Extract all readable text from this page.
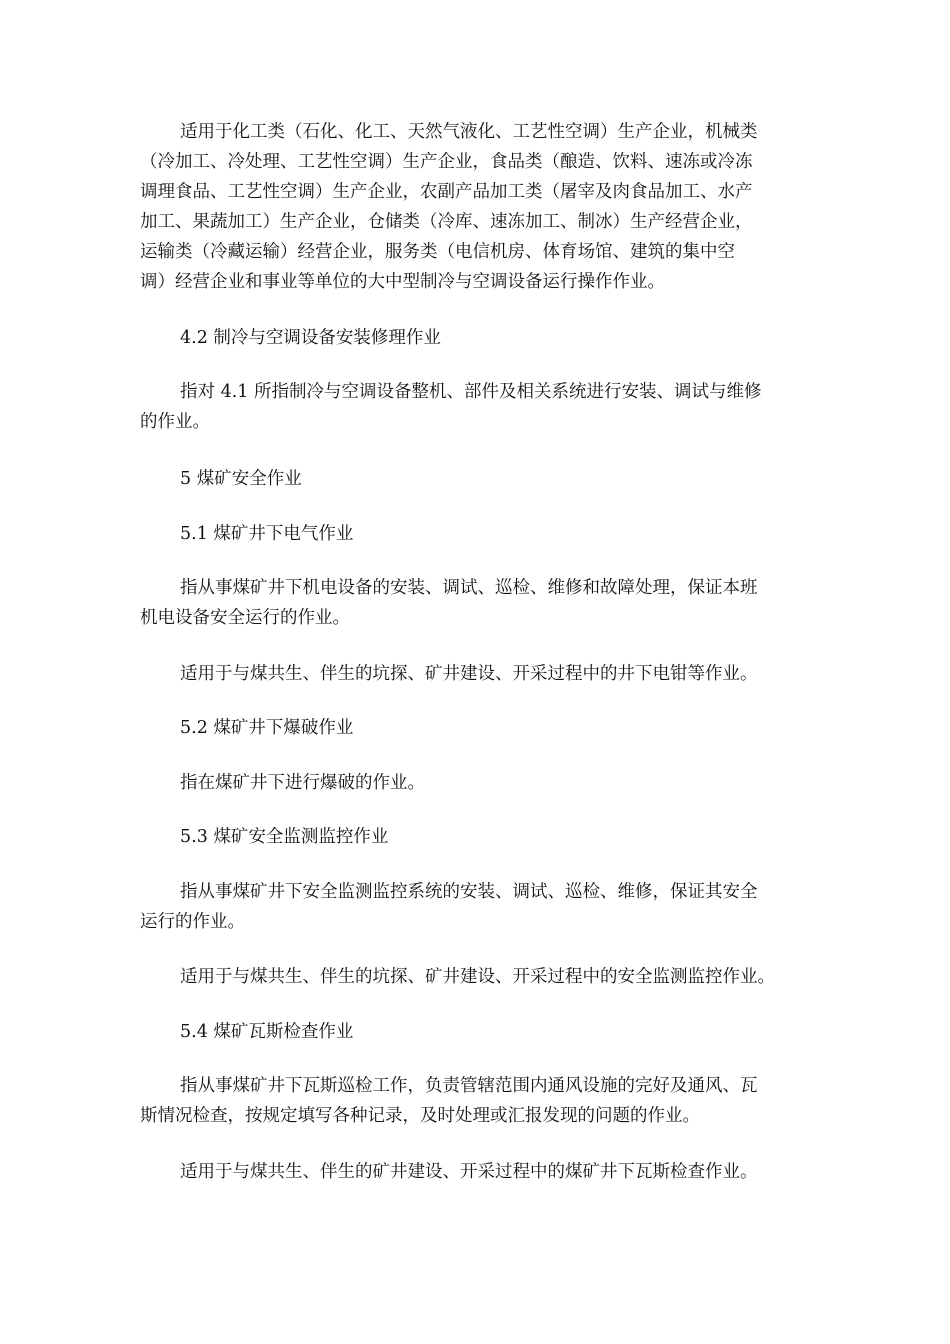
适用于化工类（石化、化工、天然气液化、工艺性空调）生产企业，机械类
（冷加工、冷处理、工艺性空调）生产企业，食品类（酿造、饮料、速冻或冷冻
调理食品、工艺性空调）生产企业，农副产品加工类（屠宰及肉食品加工、水产
加工、果蔬加工）生产企业，仓储类（冷库、速冻加工、制冰）生产经营企业，
运输类（冷藏运输）经营企业，服务类（电信机房、体育场馆、建筑的集中空
调）经营企业和事业等单位的大中型制冷与空调设备运行操作作业。
4.2 制冷与空调设备安装修理作业
指对 4.1 所指制冷与空调设备整机、部件及相关系统进行安装、调试与维修
的作业。
5 煤矿安全作业
5.1 煤矿井下电气作业
指从事煤矿井下机电设备的安装、调试、巡检、维修和故障处理，保证本班
机电设备安全运行的作业。
适用于与煤共生、伴生的坑探、矿井建设、开采过程中的井下电钳等作业。
5.2 煤矿井下爆破作业
指在煤矿井下进行爆破的作业。
5.3 煤矿安全监测监控作业
指从事煤矿井下安全监测监控系统的安装、调试、巡检、维修，保证其安全
运行的作业。
适用于与煤共生、伴生的坑探、矿井建设、开采过程中的安全监测监控作业。
5.4 煤矿瓦斯检查作业
指从事煤矿井下瓦斯巡检工作，负责管辖范围内通风设施的完好及通风、瓦
斯情况检查，按规定填写各种记录，及时处理或汇报发现的问题的作业。
适用于与煤共生、伴生的矿井建设、开采过程中的煤矿井下瓦斯检查作业。
